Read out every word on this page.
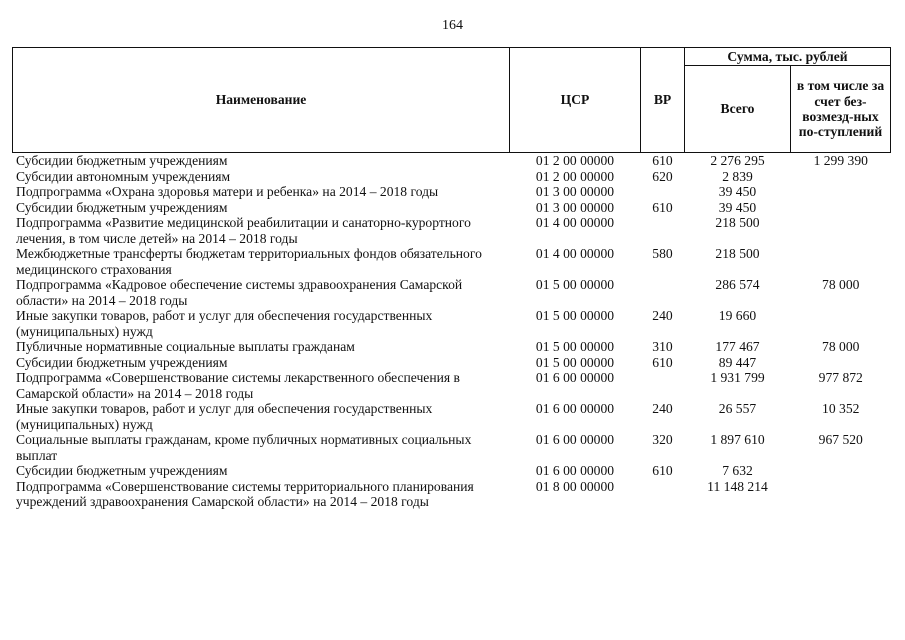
164
Наименование	ЦСР	ВР	Сумма, тыс. рублей	
			Всего	в том числе за счет без-возмезд-ных по-ступлений
Субсидии бюджетным учреждениям	01 2 00 00000	610	2 276 295	1 299 390
Субсидии автономным учреждениям	01 2 00 00000	620	2 839	
Подпрограмма «Охрана здоровья матери и ребенка» на 2014 – 2018 годы	01 3 00 00000		39 450	
Субсидии бюджетным учреждениям	01 3 00 00000	610	39 450	
Подпрограмма «Развитие медицинской реабилитации и санаторно-курортного лечения, в том числе детей» на 2014 – 2018 годы	01 4 00 00000		218 500	
Межбюджетные трансферты бюджетам территориальных фондов обязательного медицинского страхования	01 4 00 00000	580	218 500	
Подпрограмма «Кадровое обеспечение системы здравоохранения Самарской области» на 2014 – 2018 годы	01 5 00 00000		286 574	78 000
Иные закупки товаров, работ и услуг для обеспечения государственных (муниципальных) нужд	01 5 00 00000	240	19 660	
Публичные нормативные социальные выплаты гражданам	01 5 00 00000	310	177 467	78 000
Субсидии бюджетным учреждениям	01 5 00 00000	610	89 447	
Подпрограмма «Совершенствование системы лекарственного обеспечения в Самарской области» на 2014 – 2018 годы	01 6 00 00000		1 931 799	977 872
Иные закупки товаров, работ и услуг для обеспечения государственных (муниципальных) нужд	01 6 00 00000	240	26 557	10 352
Социальные выплаты гражданам, кроме публичных нормативных социальных выплат	01 6 00 00000	320	1 897 610	967 520
Субсидии бюджетным учреждениям	01 6 00 00000	610	7 632	
Подпрограмма «Совершенствование системы территориального планирования учреждений здравоохранения Самарской области» на 2014 – 2018 годы	01 8 00 00000		11 148 214	
